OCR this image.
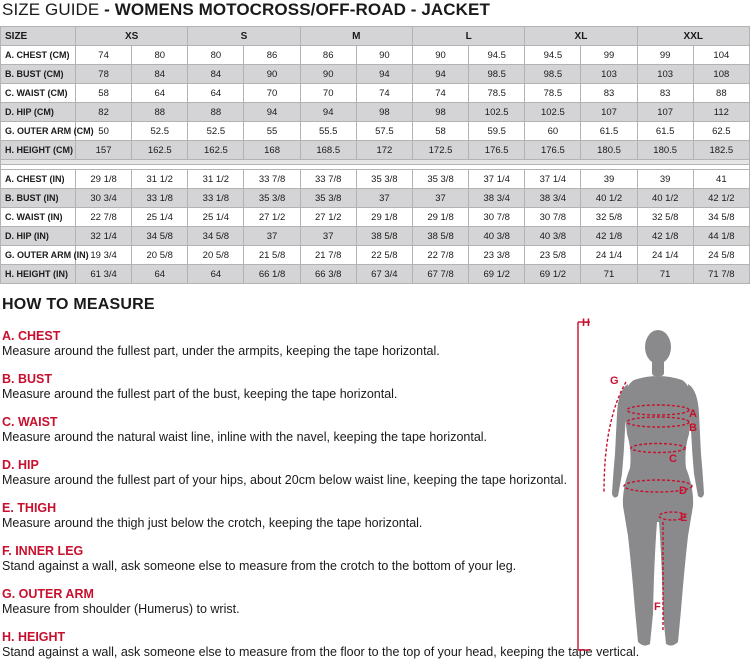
SIZE GUIDE - WOMENS MOTOCROSS/OFF-ROAD - JACKET
SIZE	XS		S		M		L		XL		XXL	
A. CHEST (CM)	74	80	80	86	86	90	90	94.5	94.5	99	99	104
B. BUST (CM)	78	84	84	90	90	94	94	98.5	98.5	103	103	108
C. WAIST (CM)	58	64	64	70	70	74	74	78.5	78.5	83	83	88
D. HIP (CM)	82	88	88	94	94	98	98	102.5	102.5	107	107	112
G. OUTER ARM (CM)	50	52.5	52.5	55	55.5	57.5	58	59.5	60	61.5	61.5	62.5
H. HEIGHT (CM)	157	162.5	162.5	168	168.5	172	172.5	176.5	176.5	180.5	180.5	182.5

A. CHEST (IN)	29 1/8	31 1/2	31 1/2	33 7/8	33 7/8	35 3/8	35 3/8	37 1/4	37 1/4	39	39	41
B. BUST (IN)	30 3/4	33 1/8	33 1/8	35 3/8	35 3/8	37	37	38 3/4	38 3/4	40 1/2	40 1/2	42 1/2
C. WAIST (IN)	22 7/8	25 1/4	25 1/4	27 1/2	27 1/2	29 1/8	29 1/8	30 7/8	30 7/8	32 5/8	32 5/8	34 5/8
D. HIP (IN)	32 1/4	34 5/8	34 5/8	37	37	38 5/8	38 5/8	40 3/8	40 3/8	42 1/8	42 1/8	44 1/8
G. OUTER ARM (IN)	19 3/4	20 5/8	20 5/8	21 5/8	21 7/8	22 5/8	22 7/8	23 3/8	23 5/8	24 1/4	24 1/4	24 5/8
H. HEIGHT (IN)	61 3/4	64	64	66 1/8	66 3/8	67 3/4	67 7/8	69 1/2	69 1/2	71	71	71 7/8
HOW TO MEASURE
A. CHEST
Measure around the fullest part, under the armpits, keeping the tape horizontal.
B. BUST
Measure around the fullest part of the bust, keeping the tape horizontal.
C. WAIST
Measure around the natural waist line, inline with the navel, keeping the tape horizontal.
D. HIP
Measure around the fullest part of your hips, about 20cm below waist line, keeping the tape horizontal.
E. THIGH
Measure around the thigh just below the crotch, keeping the tape horizontal.
F. INNER LEG
Stand against a wall, ask someone else to measure from the crotch to the bottom of your leg.
G. OUTER ARM
Measure from shoulder (Humerus) to wrist.
H. HEIGHT
Stand against a wall, ask someone else to measure from the floor to the top of your head, keeping the tape vertical.
H
G
A
B
C
D
E
F
